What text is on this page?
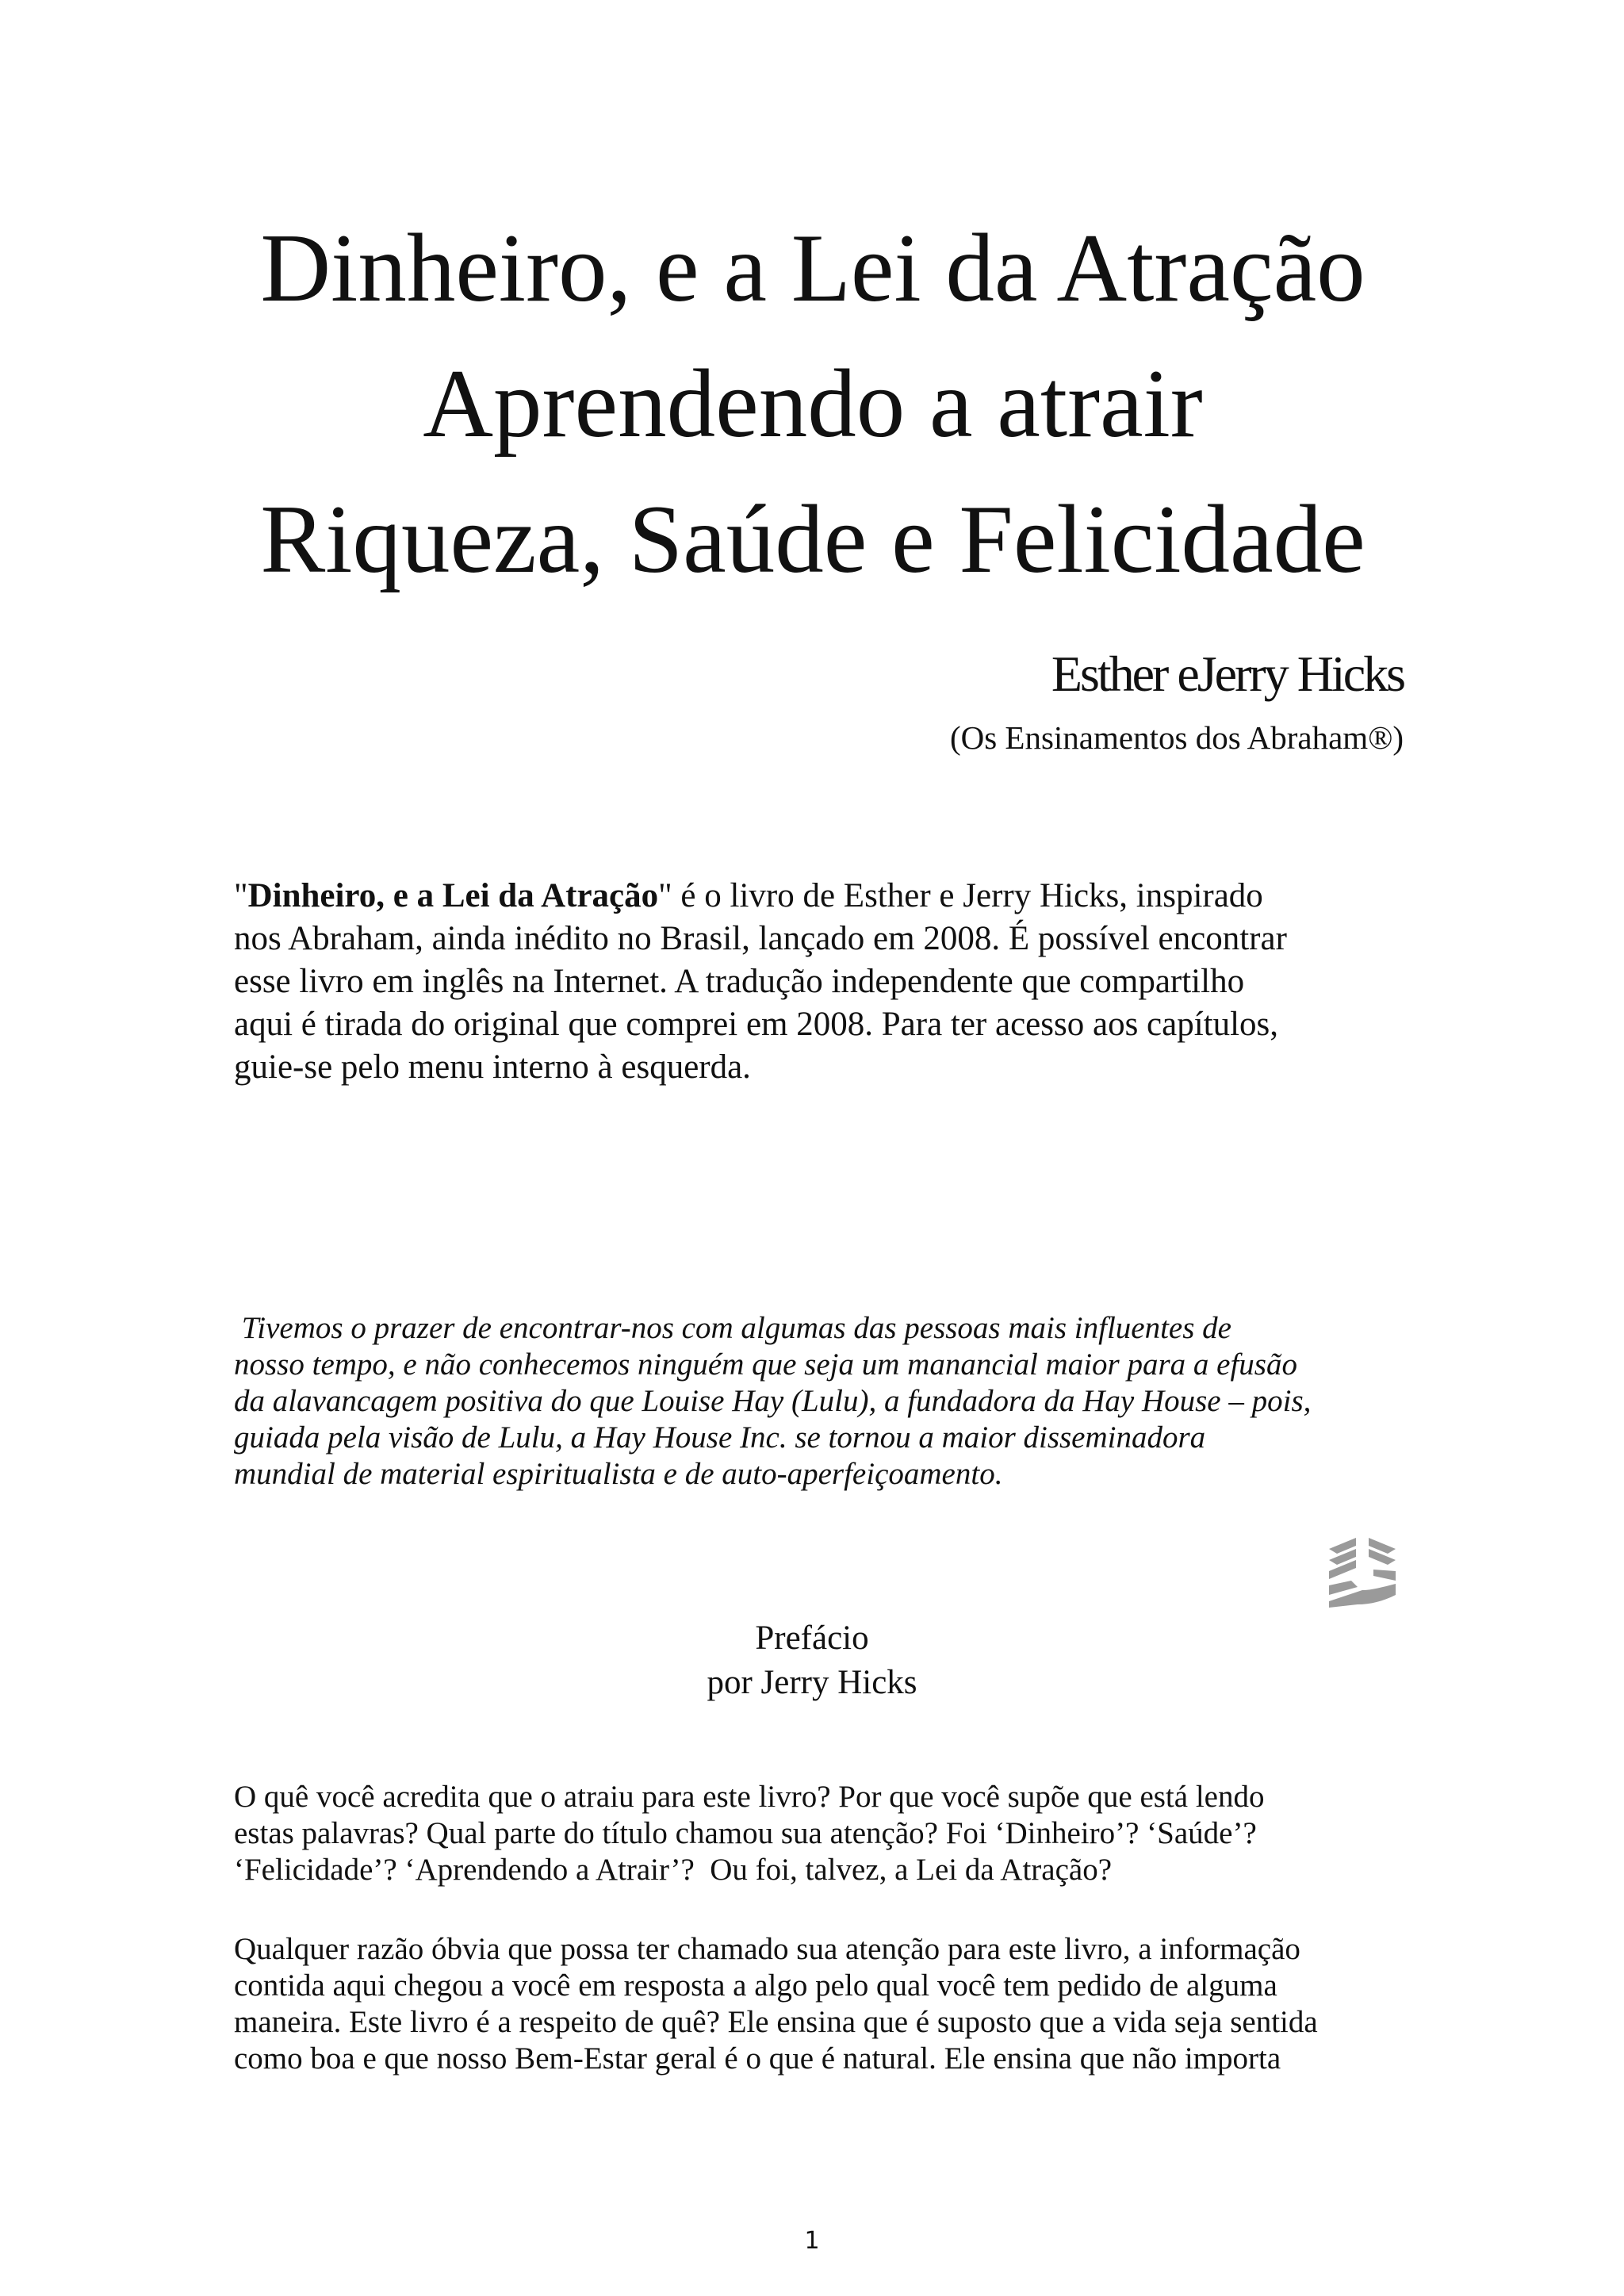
Dinheiro, e a Lei da Atração
Aprendendo a atrair
Riqueza, Saúde e Felicidade
Esther eJerry Hicks
(Os Ensinamentos dos Abraham®)

"Dinheiro, e a Lei da Atração" é o livro de Esther e Jerry Hicks, inspirado
nos Abraham, ainda inédito no Brasil, lançado em 2008. É possível encontrar
esse livro em inglês na Internet. A tradução independente que compartilho
aqui é tirada do original que comprei em 2008. Para ter acesso aos capítulos,
guie-se pelo menu interno à esquerda.

Tivemos o prazer de encontrar-nos com algumas das pessoas mais influentes de
nosso tempo, e não conhecemos ninguém que seja um manancial maior para a efusão
da alavancagem positiva do que Louise Hay (Lulu), a fundadora da Hay House – pois,
guiada pela visão de Lulu, a Hay House Inc. se tornou a maior disseminadora
mundial de material espiritualista e de auto-aperfeiçoamento.

Prefácio
por Jerry Hicks

O quê você acredita que o atraiu para este livro? Por que você supõe que está lendo
estas palavras? Qual parte do título chamou sua atenção? Foi ‘Dinheiro’? ‘Saúde’?
‘Felicidade’? ‘Aprendendo a Atrair’?  Ou foi, talvez, a Lei da Atração?

Qualquer razão óbvia que possa ter chamado sua atenção para este livro, a informação
contida aqui chegou a você em resposta a algo pelo qual você tem pedido de alguma
maneira. Este livro é a respeito de quê? Ele ensina que é suposto que a vida seja sentida
como boa e que nosso Bem-Estar geral é o que é natural. Ele ensina que não importa

1
